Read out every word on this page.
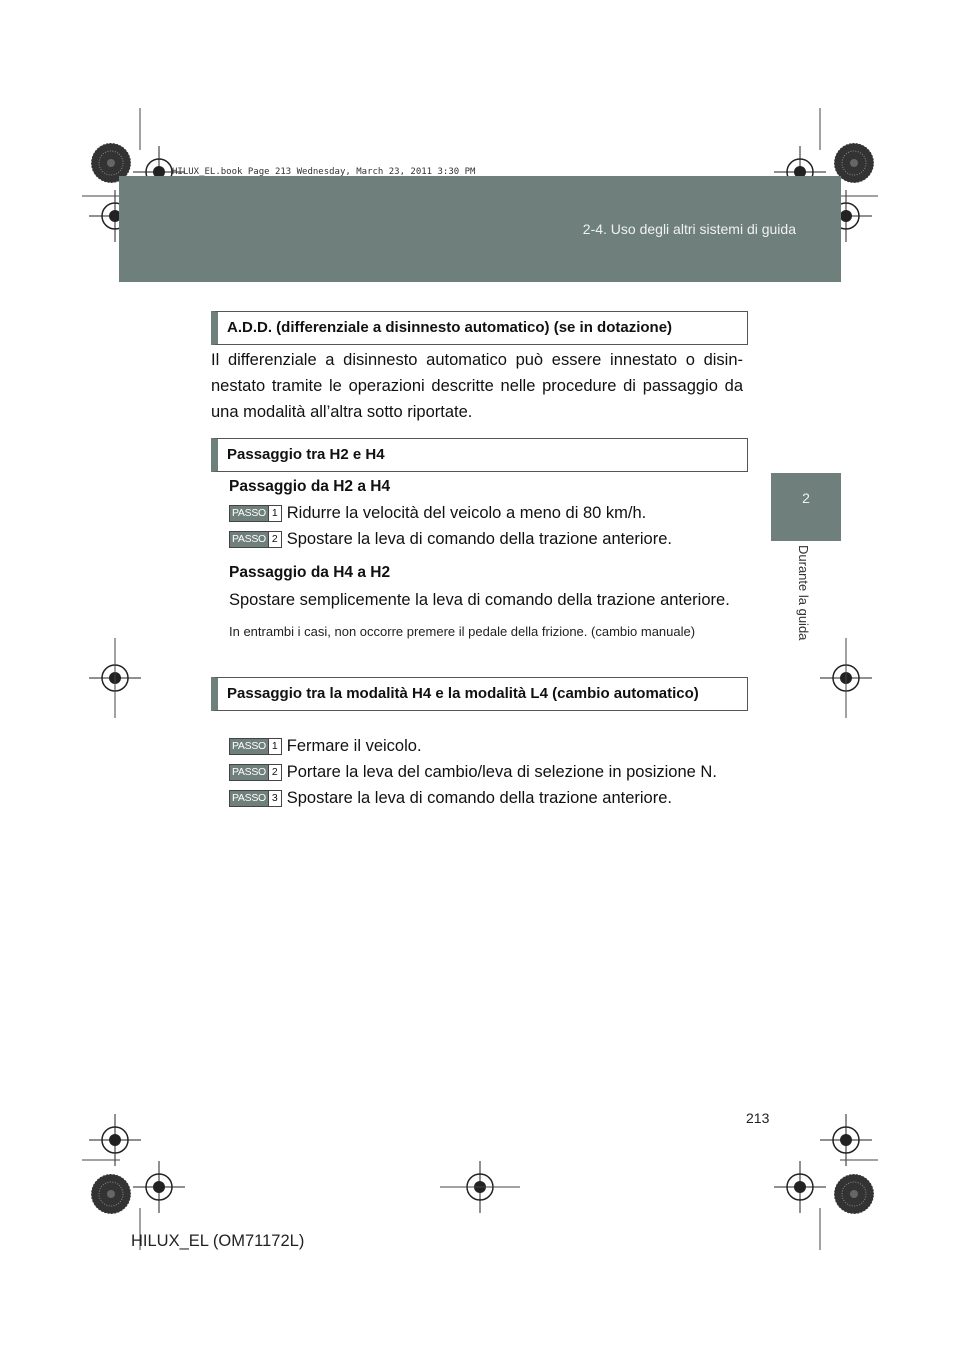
2-4. Uso degli altri sistemi di guida
HILUX_EL.book Page 213 Wednesday, March 23, 2011 3:30 PM
2
Durante la guida
A.D.D. (differenziale a disinnesto automatico) (se in dotazione)
Il differenziale a disinnesto automatico può essere innestato o disin-nestato tramite le operazioni descritte nelle procedure di passaggio da una modalità all’altra sotto riportate.
Passaggio tra H2 e H4
Passaggio da H2 a H4
PASSO 1 Ridurre la velocità del veicolo a meno di 80 km/h.
PASSO 2 Spostare la leva di comando della trazione anteriore.
Passaggio da H4 a H2
Spostare semplicemente la leva di comando della trazione anteriore.
In entrambi i casi, non occorre premere il pedale della frizione. (cambio manuale)
Passaggio tra la modalità H4 e la modalità L4 (cambio automatico)
PASSO 1 Fermare il veicolo.
PASSO 2 Portare la leva del cambio/leva di selezione in posizione N.
PASSO 3 Spostare la leva di comando della trazione anteriore.
213
HILUX_EL (OM71172L)
